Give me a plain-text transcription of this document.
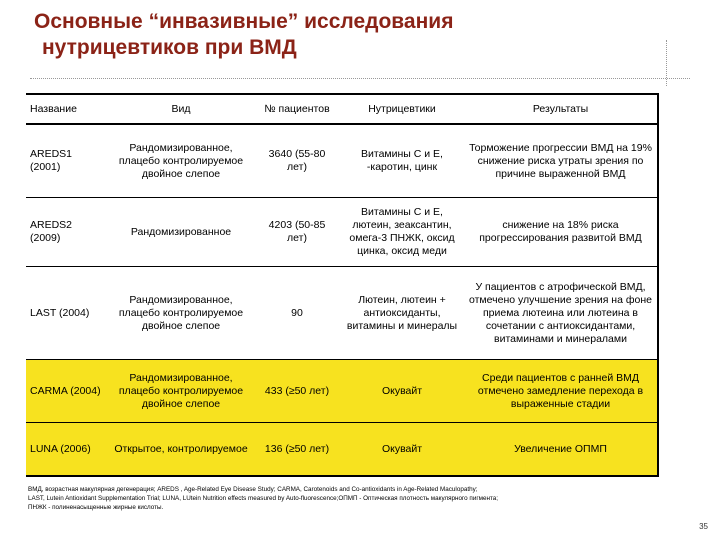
Основные “инвазивные” исследования
нутрицевтиков при ВМД
Название	Вид	№ пациентов	Нутрицевтики	Результаты
AREDS1 (2001)	Рандомизированное, плацебо контролируемое двойное слепое	3640 (55-80 лет)	Витамины С и Е, -каротин, цинк	Торможение прогрессии ВМД на 19% снижение риска утраты зрения по причине выраженной ВМД
AREDS2 (2009)	Рандомизированное	4203 (50-85 лет)	Витамины С и Е, лютеин, зеаксантин, омега-3 ПНЖК, оксид цинка, оксид меди	снижение на 18% риска прогрессирования развитой ВМД
LAST (2004)	Рандомизированное, плацебо контролируемое двойное слепое	90	Лютеин, лютеин + антиоксиданты, витамины и минералы	У пациентов с атрофической ВМД, отмечено улучшение зрения на фоне приема лютеина или лютеина в сочетании с антиоксидантами, витаминами и минералами
CARMA (2004)	Рандомизированное, плацебо контролируемое двойное слепое	433 (≥50 лет)	Окувайт	Среди пациентов с ранней ВМД отмечено замедление перехода в выраженные стадии
LUNA (2006)	Открытое, контролируемое	136 (≥50 лет)	Окувайт	Увеличение ОПМП
ВМД, возрастная макулярная дегенерация; AREDS , Age-Related Eye Disease Study; CARMA, Carotenoids and Co-antioxidants in Age-Related Maculopathy;
LAST, Lutein Antioxidant Supplementation Trial; LUNA, LUtein Nutrition effects measured by Auto-fluorescence;ОПМП - Оптическая плотность макулярного пигмента;
ПНЖК - полиненасыщенные жирные кислоты.
35
